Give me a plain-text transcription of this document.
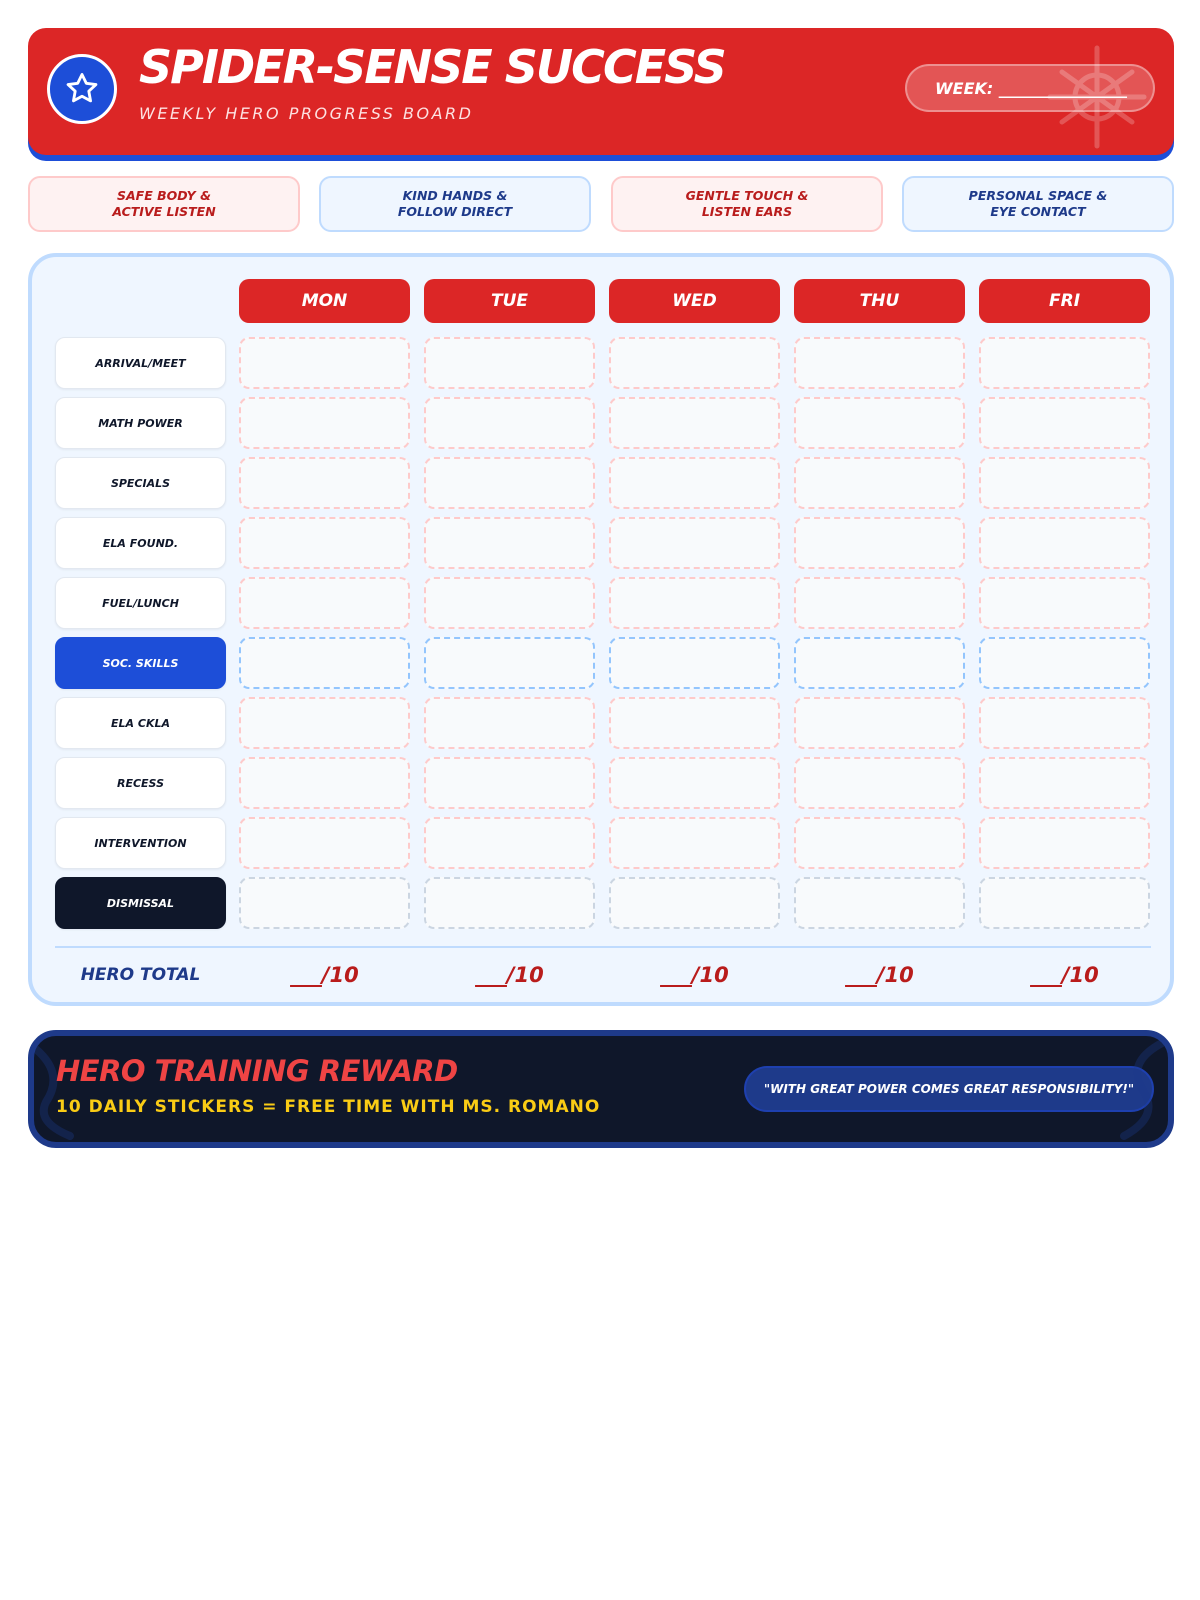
SPIDER-SENSE SUCCESS
WEEKLY HERO PROGRESS BOARD
WEEK: ________________
SAFE BODY &
ACTIVE LISTEN
KIND HANDS &
FOLLOW DIRECT
GENTLE TOUCH &
LISTEN EARS
PERSONAL SPACE &
EYE CONTACT
MON	TUE	WED	THU	FRI
ARRIVAL/MEET
MATH POWER
SPECIALS
ELA FOUND.
FUEL/LUNCH
SOC. SKILLS
ELA CKLA
RECESS
INTERVENTION
DISMISSAL
HERO TOTAL	___/10	___/10	___/10	___/10	___/10
HERO TRAINING REWARD
10 DAILY STICKERS = FREE TIME WITH MS. ROMANO
"WITH GREAT POWER COMES GREAT RESPONSIBILITY!"
